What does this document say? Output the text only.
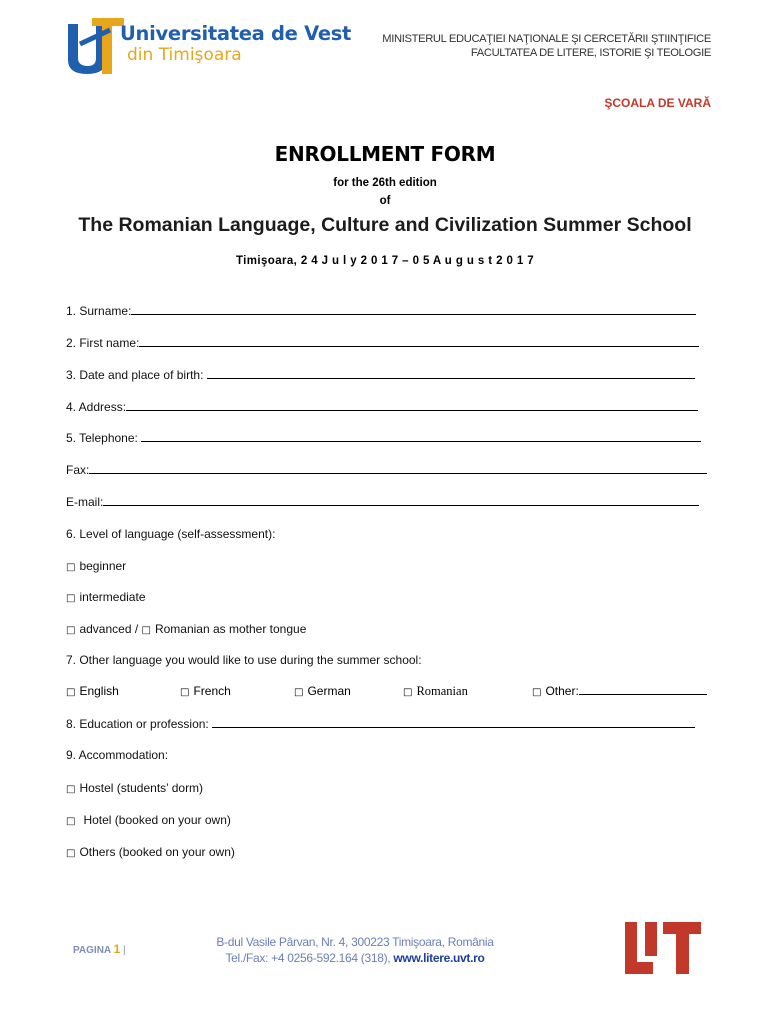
Universitatea de Vest
din Timişoara
MINISTERUL EDUCAŢIEI NAŢIONALE ŞI CERCETĂRII ŞTIINŢIFICE
FACULTATEA DE LITERE, ISTORIE ŞI TEOLOGIE
ŞCOALA DE VARĂ
ENROLLMENT FORM
for the 26th edition
of
The Romanian Language, Culture and Civilization Summer School
Timişoara, 2 4 J u l y 2 0 1 7 – 0 5 A u g u s t 2 0 1 7
1. Surname:
2. First name:
3. Date and place of birth:
4. Address:
5. Telephone:
Fax:
E-mail:
6. Level of language (self-assessment):
□ beginner
□ intermediate
□ advanced / □ Romanian as mother tongue
7. Other language you would like to use during the summer school:
□ English	□ French	□ German	□ Romanian	□ Other:
8. Education or profession:
9. Accommodation:
□ Hostel (students’ dorm)
□ Hotel (booked on your own)
□ Others (booked on your own)
PAGINA 1 |
B-dul Vasile Pârvan, Nr. 4, 300223 Timişoara, România
Tel./Fax: +4 0256-592.164 (318), www.litere.uvt.ro
